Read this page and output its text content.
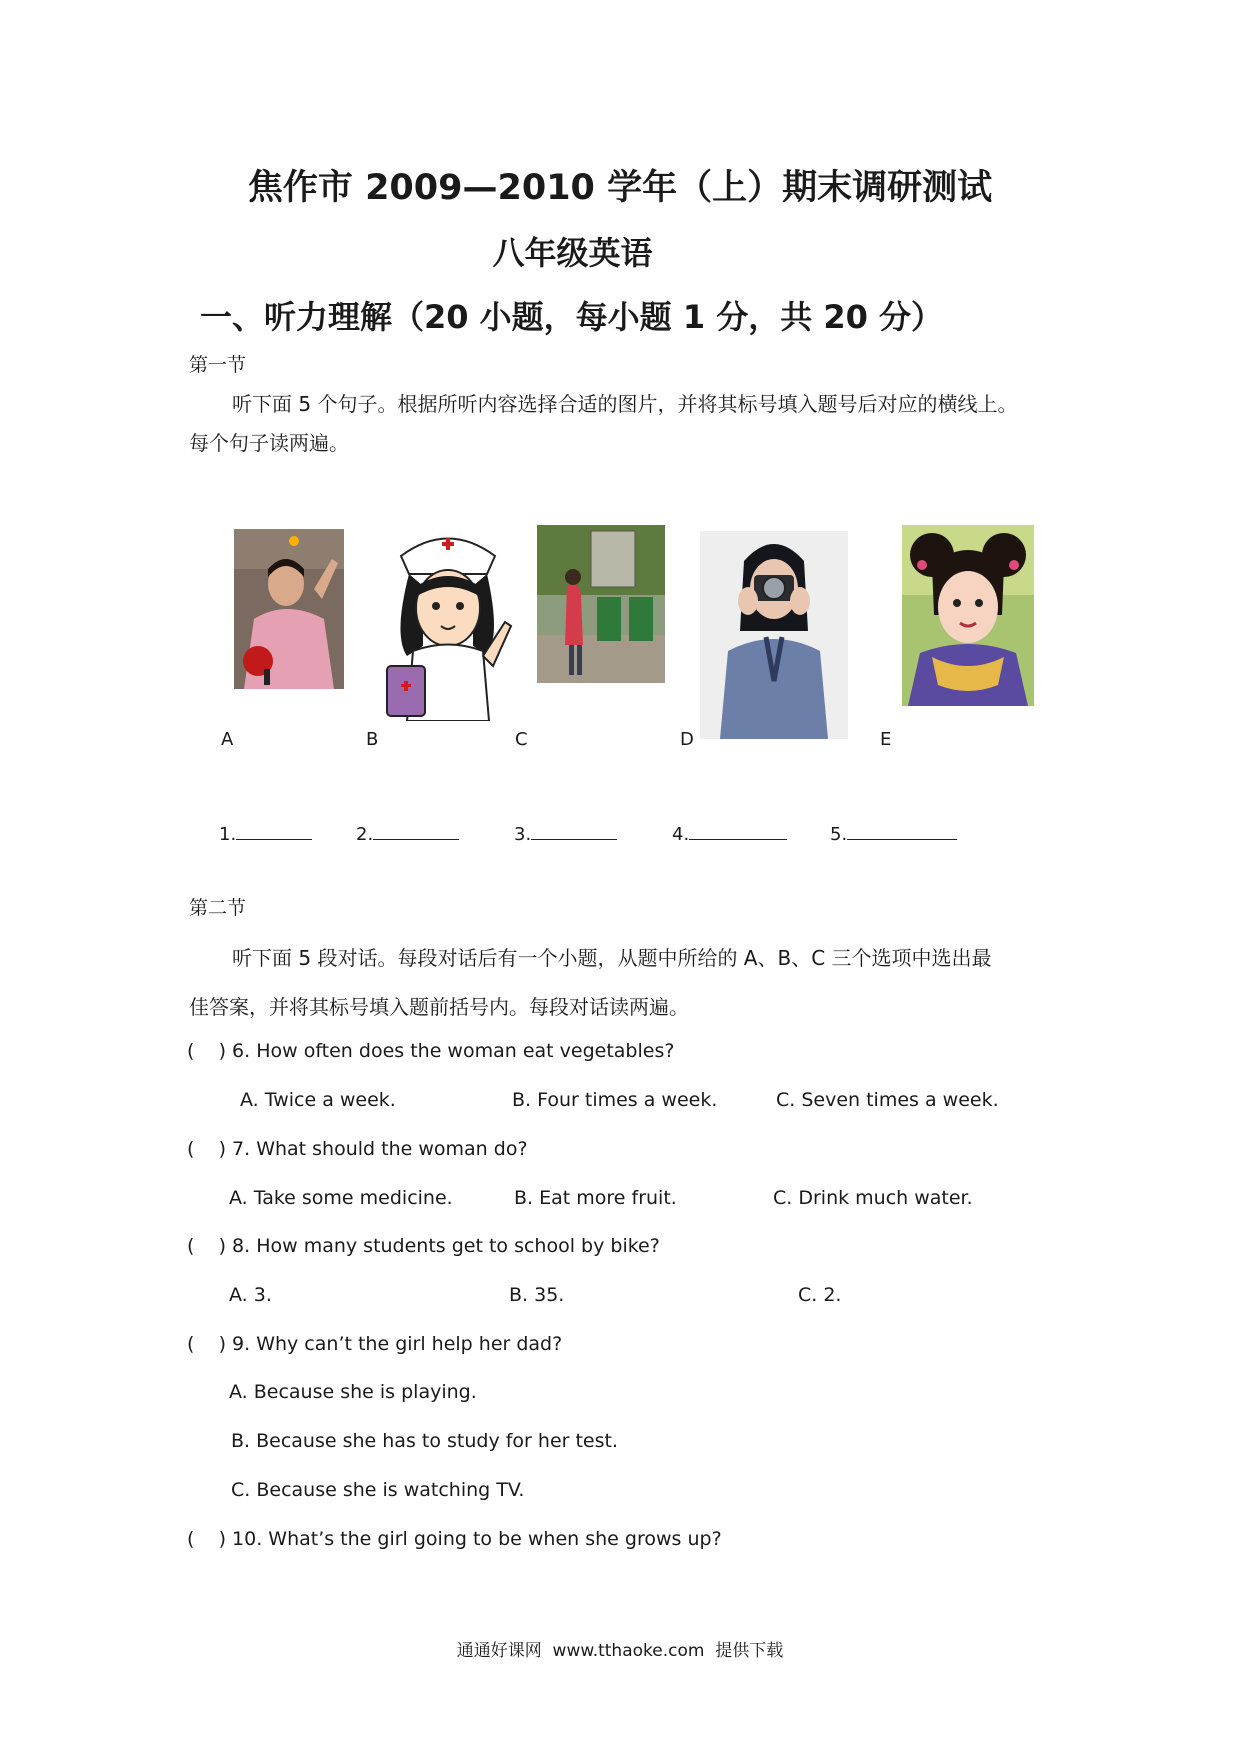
焦作市 2009—2010 学年（上）期末调研测试
八年级英语
一、听力理解（20 小题，每小题 1 分，共 20 分）
第一节
听下面 5 个句子。根据所听内容选择合适的图片，并将其标号填入题号后对应的横线上。
每个句子读两遍。
A	B	C	D	E
1.	2.	3.	4.	5.
第二节
听下面 5 段对话。每段对话后有一个小题，从题中所给的 A、B、C 三个选项中选出最
佳答案，并将其标号填入题前括号内。每段对话读两遍。
(    ) 6. How often does the woman eat vegetables?
A. Twice a week.	B. Four times a week.	C. Seven times a week.
(    ) 7. What should the woman do?
A. Take some medicine.	B. Eat more fruit.	C. Drink much water.
(    ) 8. How many students get to school by bike?
A. 3.	B. 35.	C. 2.
(    ) 9. Why can’t the girl help her dad?
A. Because she is playing.
B. Because she has to study for her test.
C. Because she is watching TV.
(    ) 10. What’s the girl going to be when she grows up?
通通好课网  www.tthaoke.com  提供下载
